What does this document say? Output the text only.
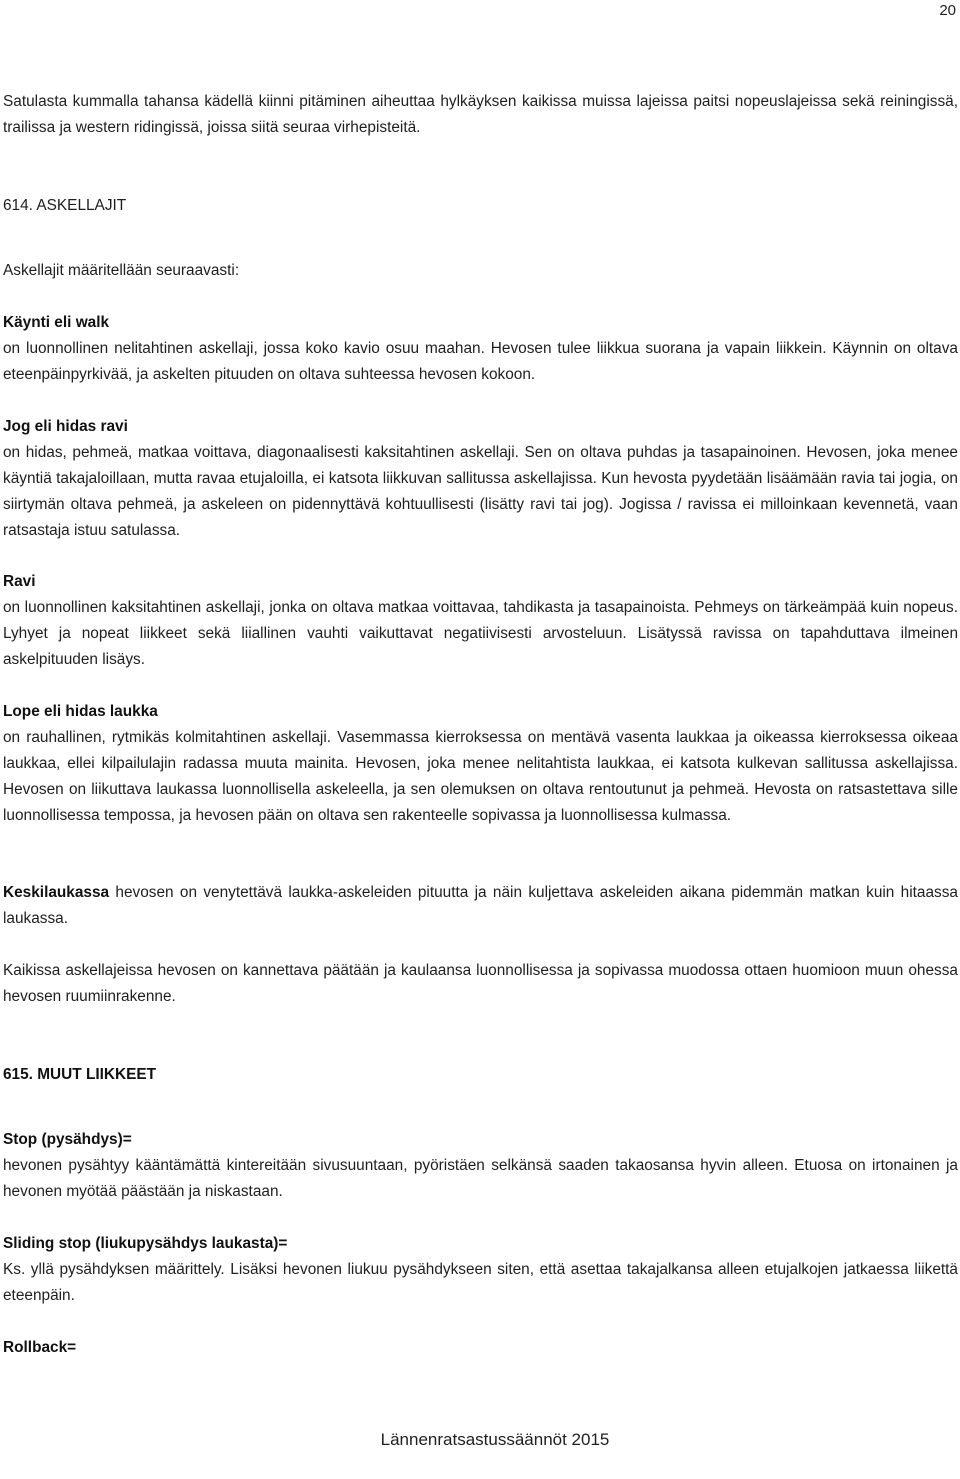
20

Satulasta kummalla tahansa kädellä kiinni pitäminen aiheuttaa hylkäyksen kaikissa muissa lajeissa paitsi nopeuslajeissa sekä reiningissä, trailissa ja western ridingissä, joissa siitä seuraa virhepisteitä.

614. ASKELLAJIT

Askellajit määritellään seuraavasti:

Käynti eli walk

on luonnollinen nelitahtinen askellaji, jossa koko kavio osuu maahan. Hevosen tulee liikkua suorana ja vapain liikkein. Käynnin on oltava eteenpäinpyrkivää, ja askelten pituuden on oltava suhteessa hevosen kokoon.

Jog eli hidas ravi

on hidas, pehmeä, matkaa voittava, diagonaalisesti kaksitahtinen askellaji. Sen on oltava puhdas ja tasapainoinen. Hevosen, joka menee käyntiä takajaloillaan, mutta ravaa etujaloilla, ei katsota liikkuvan sallitussa askellajissa. Kun hevosta pyydetään lisäämään ravia tai jogia, on siirtymän oltava pehmeä, ja askeleen on pidennyttävä kohtuullisesti (lisätty ravi tai jog). Jogissa / ravissa ei milloinkaan kevennetä, vaan ratsastaja istuu satulassa.

Ravi

on luonnollinen kaksitahtinen askellaji, jonka on oltava matkaa voittavaa, tahdikasta ja tasapainoista. Pehmeys on tärkeämpää kuin nopeus. Lyhyet ja nopeat liikkeet sekä liiallinen vauhti vaikuttavat negatiivisesti arvosteluun. Lisätyssä ravissa on tapahduttava ilmeinen askelpituuden lisäys.

Lope eli hidas laukka

on rauhallinen, rytmikäs kolmitahtinen askellaji. Vasemmassa kierroksessa on mentävä vasenta laukkaa ja oikeassa kierroksessa oikeaa laukkaa, ellei kilpailulajin radassa muuta mainita. Hevosen, joka menee nelitahtista laukkaa, ei katsota kulkevan sallitussa askellajissa. Hevosen on liikuttava laukassa luonnollisella askeleella, ja sen olemuksen on oltava rentoutunut ja pehmeä. Hevosta on ratsastettava sille luonnollisessa tempossa, ja hevosen pään on oltava sen rakenteelle sopivassa ja luonnollisessa kulmassa.

Keskilaukassa hevosen on venytettävä laukka-askeleiden pituutta ja näin kuljettava askeleiden aikana pidemmän matkan kuin hitaassa laukassa.

Kaikissa askellajeissa hevosen on kannettava päätään ja kaulaansa luonnollisessa ja sopivassa muodossa ottaen huomioon muun ohessa hevosen ruumiinrakenne.

615. MUUT LIIKKEET

Stop (pysähdys)=

hevonen pysähtyy kääntämättä kintereitään sivusuuntaan, pyöristäen selkänsä saaden takaosansa hyvin alleen. Etuosa on irtonainen ja hevonen myötää päästään ja niskastaan.

Sliding stop (liukupysähdys laukasta)=

Ks. yllä pysähdyksen määrittely. Lisäksi hevonen liukuu pysähdykseen siten, että asettaa takajalkansa alleen etujalkojen jatkaessa liikettä eteenpäin.

Rollback=

Lännenratsastussäännöt 2015
